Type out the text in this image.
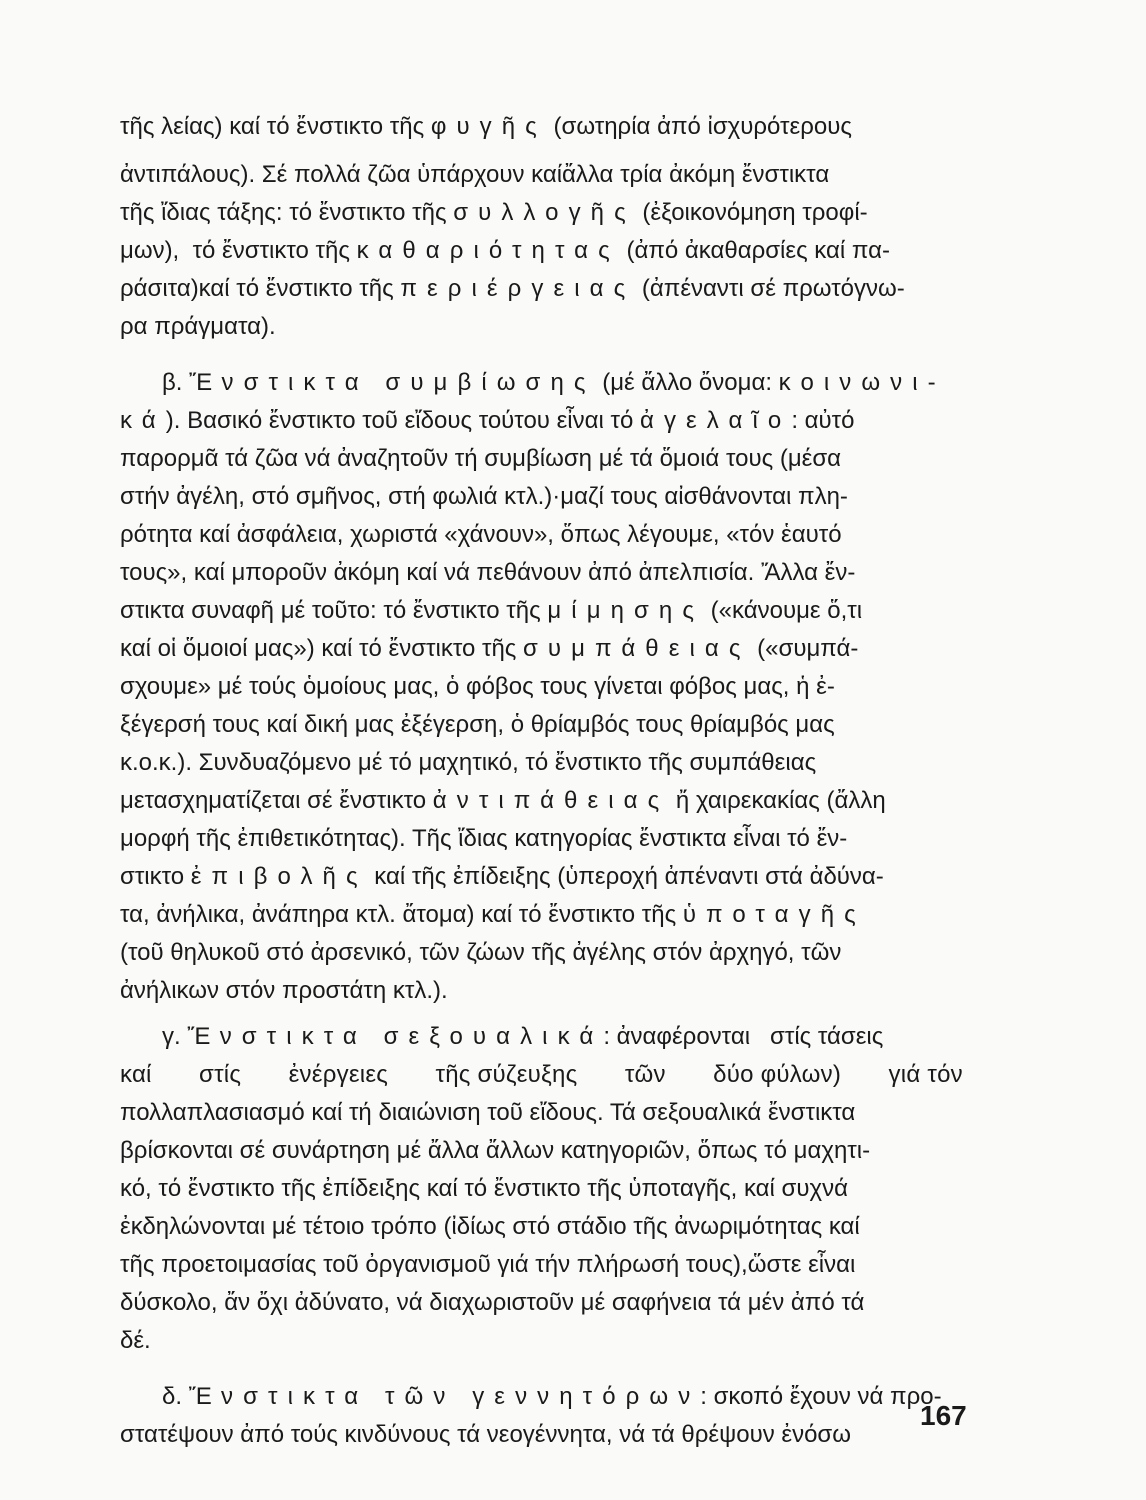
τῆς λείας) καί τό ἔνστικτο τῆς φυγῆς (σωτηρία ἀπό ἰσχυρότερους
ἀντιπάλους). Σέ πολλά ζῶα ὑπάρχουν καίἄλλα τρία ἀκόμη ἔνστικτα
τῆς ἴδιας τάξης: τό ἔνστικτο τῆς συλλογῆς (ἐξοικονόμηση τροφί-
μων),  τό ἔνστικτο τῆς καθαριότητας (ἀπό ἀκαθαρσίες καί πα-
ράσιτα)καί τό ἔνστικτο τῆς περιέργειας (ἀπέναντι σέ πρωτόγνω-
ρα πράγματα).
β. Ἔνστικτα συμβίωσης (μέ ἄλλο ὄνομα: κοινωνι-
κά ). Βασικό ἔνστικτο τοῦ εἴδους τούτου εἶναι τό ἀγελαῖο : αὐτό
παρορμᾶ τά ζῶα νά ἀναζητοῦν τή συμβίωση μέ τά ὅμοιά τους (μέσα
στήν ἀγέλη, στό σμῆνος, στή φωλιά κτλ.)·μαζί τους αἰσθάνονται πλη-
ρότητα καί ἀσφάλεια, χωριστά «χάνουν», ὅπως λέγουμε, «τόν ἑαυτό
τους», καί μποροῦν ἀκόμη καί νά πεθάνουν ἀπό ἀπελπισία. Ἄλλα ἔν-
στικτα συναφῆ μέ τοῦτο: τό ἔνστικτο τῆς μίμησης («κάνουμε ὅ,τι
καί οἱ ὅμοιοί μας») καί τό ἔνστικτο τῆς συμπάθειας («συμπά-
σχουμε» μέ τούς ὁμοίους μας, ὁ φόβος τους γίνεται φόβος μας, ἡ ἐ-
ξέγερσή τους καί δική μας ἐξέγερση, ὁ θρίαμβός τους θρίαμβός μας
κ.ο.κ.). Συνδυαζόμενο μέ τό μαχητικό, τό ἔνστικτο τῆς συμπάθειας
μετασχηματίζεται σέ ἔνστικτο ἀντιπάθειας ἤ χαιρεκακίας (ἄλλη
μορφή τῆς ἐπιθετικότητας). Τῆς ἴδιας κατηγορίας ἔνστικτα εἶναι τό ἔν-
στικτο ἐπιβολῆς καί τῆς ἐπίδειξης (ὑπεροχή ἀπέναντι στά ἀδύνα-
τα, ἀνήλικα, ἀνάπηρα κτλ. ἄτομα) καί τό ἔνστικτο τῆς ὑποταγῆς
(τοῦ θηλυκοῦ στό ἀρσενικό, τῶν ζώων τῆς ἀγέλης στόν ἀρχηγό, τῶν
ἀνήλικων στόν προστάτη κτλ.).
γ. Ἔνστικτα σεξουαλικά : ἀναφέρονται   στίς τάσεις
καί στίς ἐνέργειες τῆς σύζευξης τῶν δύο φύλων) γιά τόν
πολλαπλασιασμό καί τή διαιώνιση τοῦ εἴδους. Τά σεξουαλικά ἔνστικτα
βρίσκονται σέ συνάρτηση μέ ἄλλα ἄλλων κατηγοριῶν, ὅπως τό μαχητι-
κό, τό ἔνστικτο τῆς ἐπίδειξης καί τό ἔνστικτο τῆς ὑποταγῆς, καί συχνά
ἐκδηλώνονται μέ τέτοιο τρόπο (ἰδίως στό στάδιο τῆς ἀνωριμότητας καί
τῆς προετοιμασίας τοῦ ὀργανισμοῦ γιά τήν πλήρωσή τους),ὥστε εἶναι
δύσκολο, ἄν ὄχι ἀδύνατο, νά διαχωριστοῦν μέ σαφήνεια τά μέν ἀπό τά
δέ.
δ. Ἔνστικτα τῶν γεννητόρων : σκοπό ἔχουν νά προ-
στατέψουν ἀπό τούς κινδύνους τά νεογέννητα, νά τά θρέψουν ἐνόσω
167
